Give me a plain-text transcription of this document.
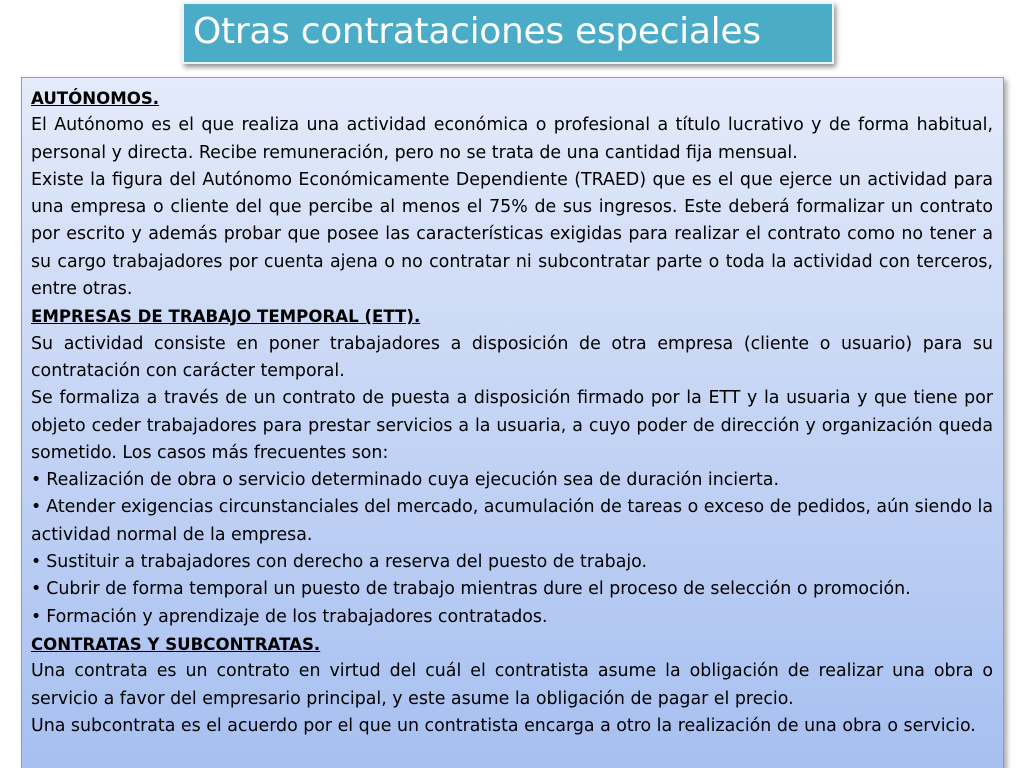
Otras contrataciones especiales

AUTÓNOMOS.

El Autónomo es el que realiza una actividad económica o profesional a título lucrativo y de forma habitual, personal y directa. Recibe remuneración, pero no se trata de una cantidad fija mensual.

Existe la figura del Autónomo Económicamente Dependiente (TRAED) que es el que ejerce un actividad para una empresa o cliente del que percibe al menos el 75% de sus ingresos. Este deberá formalizar un contrato por escrito y además probar que posee las características exigidas para realizar el contrato como no tener a su cargo trabajadores por cuenta ajena o no contratar ni subcontratar parte o toda la actividad con terceros, entre otras.

EMPRESAS DE TRABAJO TEMPORAL (ETT).

Su actividad consiste en poner trabajadores a disposición de otra empresa (cliente o usuario) para su contratación con carácter temporal.

Se formaliza a través de un contrato de puesta a disposición firmado por la ETT y la usuaria y que tiene por objeto ceder trabajadores para prestar servicios a la usuaria, a cuyo poder de dirección y organización queda sometido. Los casos más frecuentes son:

• Realización de obra o servicio determinado cuya ejecución sea de duración incierta.

• Atender exigencias circunstanciales del mercado, acumulación de tareas o exceso de pedidos, aún siendo la actividad normal de la empresa.

• Sustituir a trabajadores con derecho a reserva del puesto de trabajo.

• Cubrir de forma temporal un puesto de trabajo mientras dure el proceso de selección o promoción.

• Formación y aprendizaje de los trabajadores contratados.

CONTRATAS Y SUBCONTRATAS.

Una contrata es un contrato en virtud del cuál el contratista asume la obligación de realizar una obra o servicio a favor del empresario principal, y este asume la obligación de pagar el precio.

Una subcontrata es el acuerdo por el que un contratista encarga a otro la realización de una obra o servicio.
